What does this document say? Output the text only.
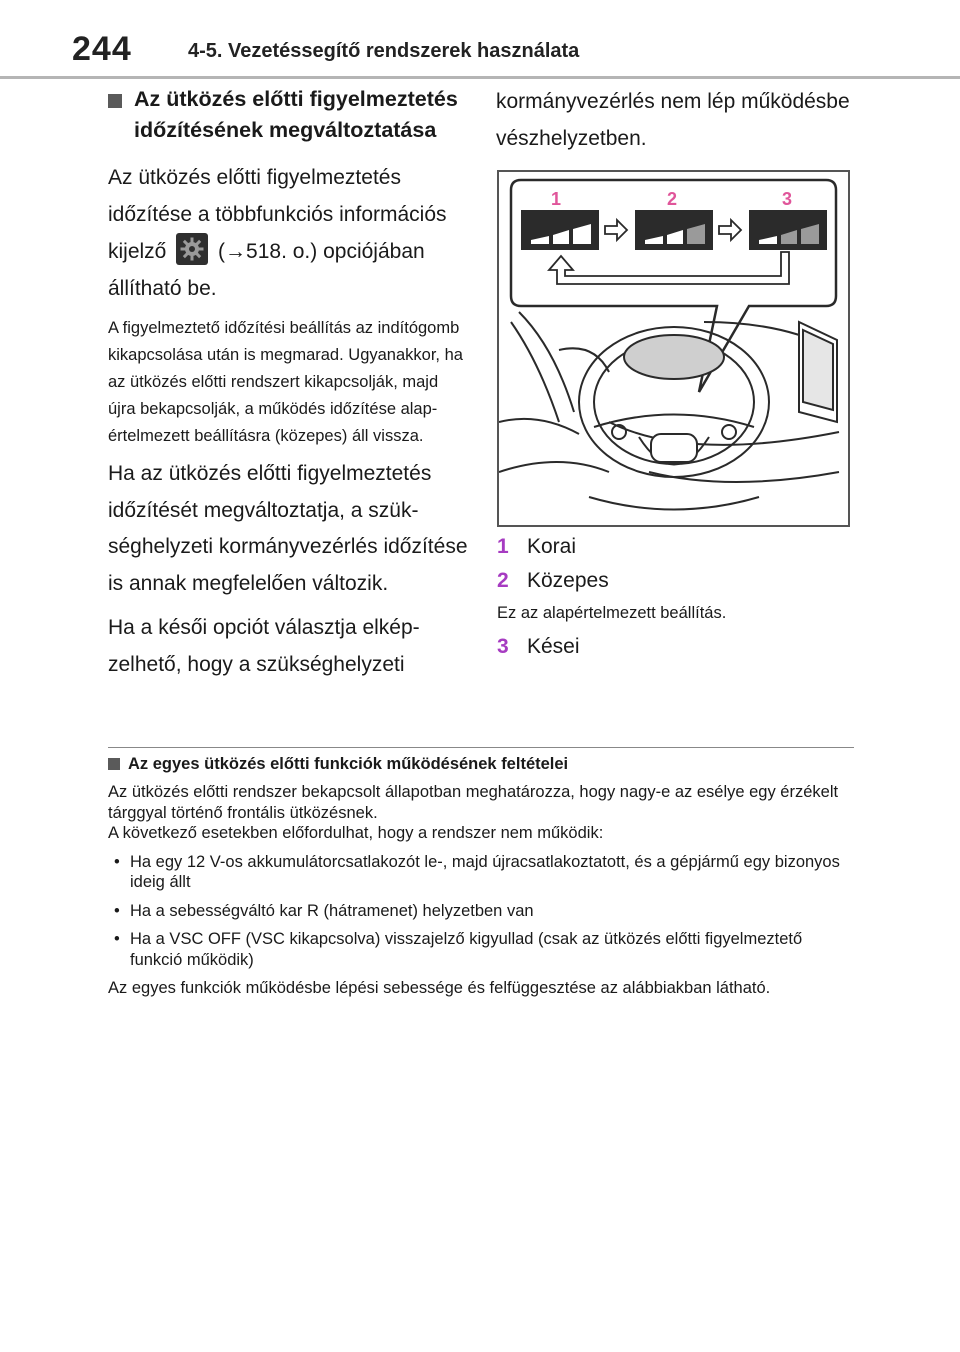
244	4-5. Vezetéssegítő rendszerek használata
Az ütközés előtti figyelmeztetés időzítésének megváltoztatása

Az ütközés előtti figyelmeztetés időzítése a többfunkciós információs kijelző (→518. o.) opciójában állítható be.

A figyelmeztető időzítési beállítás az indítógomb kikapcsolása után is megmarad. Ugyanakkor, ha az ütközés előtti rendszert kikapcsolják, majd újra bekapcsolják, a működés időzítése alapértelmezett beállításra (közepes) áll vissza.

Ha az ütközés előtti figyelmeztetés időzítését megváltoztatja, a szükséghelyzeti kormányvezérlés időzítése is annak megfelelően változik.

Ha a késői opciót választja elképzelhető, hogy a szükséghelyzeti

kormányvezérlés nem lép működésbe vészhelyzetben.

1	2	3
1 Korai
2 Közepes

Ez az alapértelmezett beállítás.

3 Kései
Az egyes ütközés előtti funkciók működésének feltételei

Az ütközés előtti rendszer bekapcsolt állapotban meghatározza, hogy nagy-e az esélye egy érzékelt tárggyal történő frontális ütközésnek.
A következő esetekben előfordulhat, hogy a rendszer nem működik:

• Ha egy 12 V-os akkumulátorcsatlakozót le-, majd újracsatlakoztatott, és a gépjármű egy bizonyos ideig állt
• Ha a sebességváltó kar R (hátramenet) helyzetben van
• Ha a VSC OFF (VSC kikapcsolva) visszajelző kigyullad (csak az ütközés előtti figyelmeztető funkció működik)

Az egyes funkciók működésbe lépési sebessége és felfüggesztése az alábbiakban látható.
